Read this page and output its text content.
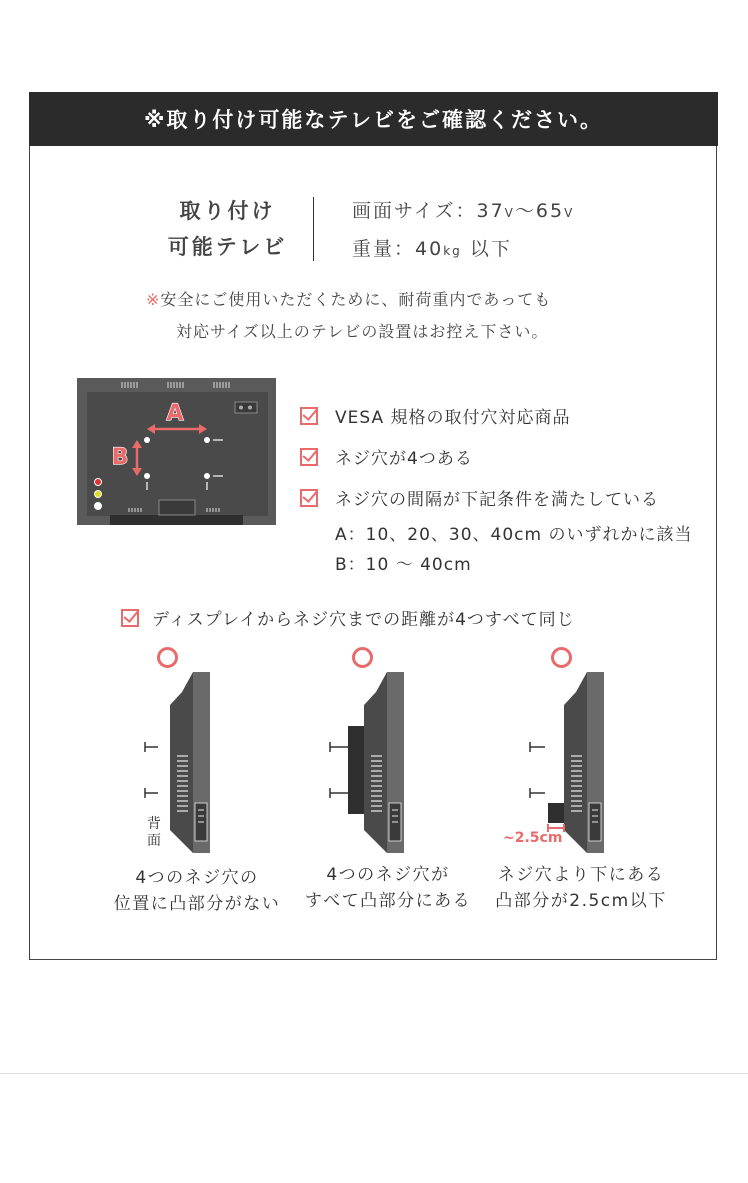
※取り付け可能なテレビをご確認ください。
取り付け
可能テレビ
画面サイズ：37V～65V
重量：40kg 以下
※安全にご使用いただくために、耐荷重内であっても
対応サイズ以上のテレビの設置はお控え下さい。
A
B
VESA 規格の取付穴対応商品
ネジ穴が4つある
ネジ穴の間隔が下記条件を満たしている
A：10、20、30、40cm のいずれかに該当
B：10 ～ 40cm
ディスプレイからネジ穴までの距離が4つすべて同じ
背面	~2.5cm
4つのネジ穴の
位置に凸部分がない
4つのネジ穴が
すべて凸部分にある
ネジ穴より下にある
凸部分が2.5cm以下
